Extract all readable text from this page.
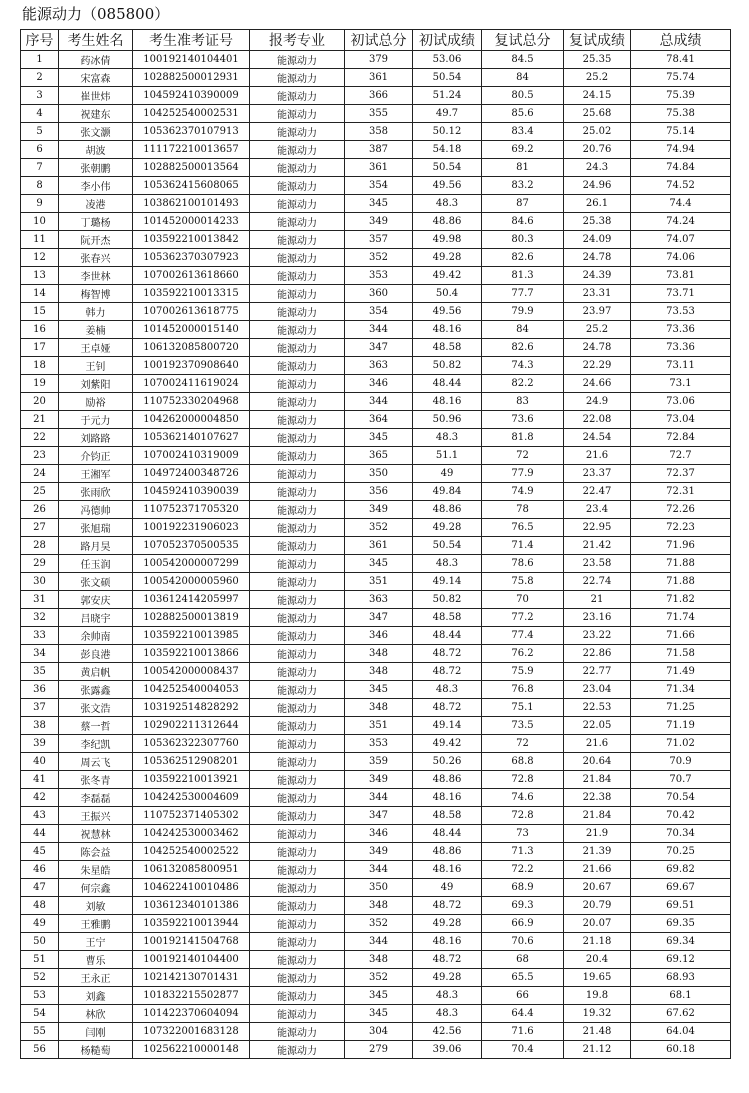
能源动力（085800）
序号	考生姓名	考生准考证号	报考专业	初试总分	初试成绩	复试总分	复试成绩	总成绩
1	药冰倩	100192140104401	能源动力	379	53.06	84.5	25.35	78.41
2	宋富森	102882500012931	能源动力	361	50.54	84	25.2	75.74
3	崔世炜	104592410390009	能源动力	366	51.24	80.5	24.15	75.39
4	祝建东	104252540002531	能源动力	355	49.7	85.6	25.68	75.38
5	张文灏	105362370107913	能源动力	358	50.12	83.4	25.02	75.14
6	胡波	111172210013657	能源动力	387	54.18	69.2	20.76	74.94
7	张朝鹏	102882500013564	能源动力	361	50.54	81	24.3	74.84
8	李小伟	105362415608065	能源动力	354	49.56	83.2	24.96	74.52
9	凌港	103862100101493	能源动力	345	48.3	87	26.1	74.4
10	丁璐杨	101452000014233	能源动力	349	48.86	84.6	25.38	74.24
11	阮开杰	103592210013842	能源动力	357	49.98	80.3	24.09	74.07
12	张春兴	105362370307923	能源动力	352	49.28	82.6	24.78	74.06
13	李世林	107002613618660	能源动力	353	49.42	81.3	24.39	73.81
14	梅智博	103592210013315	能源动力	360	50.4	77.7	23.31	73.71
15	韩力	107002613618775	能源动力	354	49.56	79.9	23.97	73.53
16	姜楠	101452000015140	能源动力	344	48.16	84	25.2	73.36
17	王卓娅	106132085800720	能源动力	347	48.58	82.6	24.78	73.36
18	王钊	100192370908640	能源动力	363	50.82	74.3	22.29	73.11
19	刘紫阳	107002411619024	能源动力	346	48.44	82.2	24.66	73.1
20	励裕	110752330204968	能源动力	344	48.16	83	24.9	73.06
21	于元力	104262000004850	能源动力	364	50.96	73.6	22.08	73.04
22	刘路路	105362140107627	能源动力	345	48.3	81.8	24.54	72.84
23	介钧正	107002410319009	能源动力	365	51.1	72	21.6	72.7
24	王湘军	104972400348726	能源动力	350	49	77.9	23.37	72.37
25	张雨欣	104592410390039	能源动力	356	49.84	74.9	22.47	72.31
26	冯德帅	110752371705320	能源动力	349	48.86	78	23.4	72.26
27	张旭瑞	100192231906023	能源动力	352	49.28	76.5	22.95	72.23
28	路月昊	107052370500535	能源动力	361	50.54	71.4	21.42	71.96
29	任玉润	100542000007299	能源动力	345	48.3	78.6	23.58	71.88
30	张文硕	100542000005960	能源动力	351	49.14	75.8	22.74	71.88
31	郭安庆	103612414205997	能源动力	363	50.82	70	21	71.82
32	吕晓宇	102882500013819	能源动力	347	48.58	77.2	23.16	71.74
33	余帅南	103592210013985	能源动力	346	48.44	77.4	23.22	71.66
34	彭良港	103592210013866	能源动力	348	48.72	76.2	22.86	71.58
35	黄启帆	100542000008437	能源动力	348	48.72	75.9	22.77	71.49
36	张露鑫	104252540004053	能源动力	345	48.3	76.8	23.04	71.34
37	张文浩	103192514828292	能源动力	348	48.72	75.1	22.53	71.25
38	蔡一哲	102902211312644	能源动力	351	49.14	73.5	22.05	71.19
39	李纪凯	105362322307760	能源动力	353	49.42	72	21.6	71.02
40	周云飞	105362512908201	能源动力	359	50.26	68.8	20.64	70.9
41	张冬青	103592210013921	能源动力	349	48.86	72.8	21.84	70.7
42	李磊磊	104242530004609	能源动力	344	48.16	74.6	22.38	70.54
43	王振兴	110752371405302	能源动力	347	48.58	72.8	21.84	70.42
44	祝慧林	104242530003462	能源动力	346	48.44	73	21.9	70.34
45	陈会益	104252540002522	能源动力	349	48.86	71.3	21.39	70.25
46	朱星皓	106132085800951	能源动力	344	48.16	72.2	21.66	69.82
47	何宗鑫	104622410010486	能源动力	350	49	68.9	20.67	69.67
48	刘敏	103612340101386	能源动力	348	48.72	69.3	20.79	69.51
49	王雅鹏	103592210013944	能源动力	352	49.28	66.9	20.07	69.35
50	王宁	100192141504768	能源动力	344	48.16	70.6	21.18	69.34
51	曹乐	100192140104400	能源动力	348	48.72	68	20.4	69.12
52	王永正	102142130701431	能源动力	352	49.28	65.5	19.65	68.93
53	刘鑫	101832215502877	能源动力	345	48.3	66	19.8	68.1
54	林欣	101422370604094	能源动力	345	48.3	64.4	19.32	67.62
55	闫刚	107322001683128	能源动力	304	42.56	71.6	21.48	64.04
56	杨糙萄	102562210000148	能源动力	279	39.06	70.4	21.12	60.18
